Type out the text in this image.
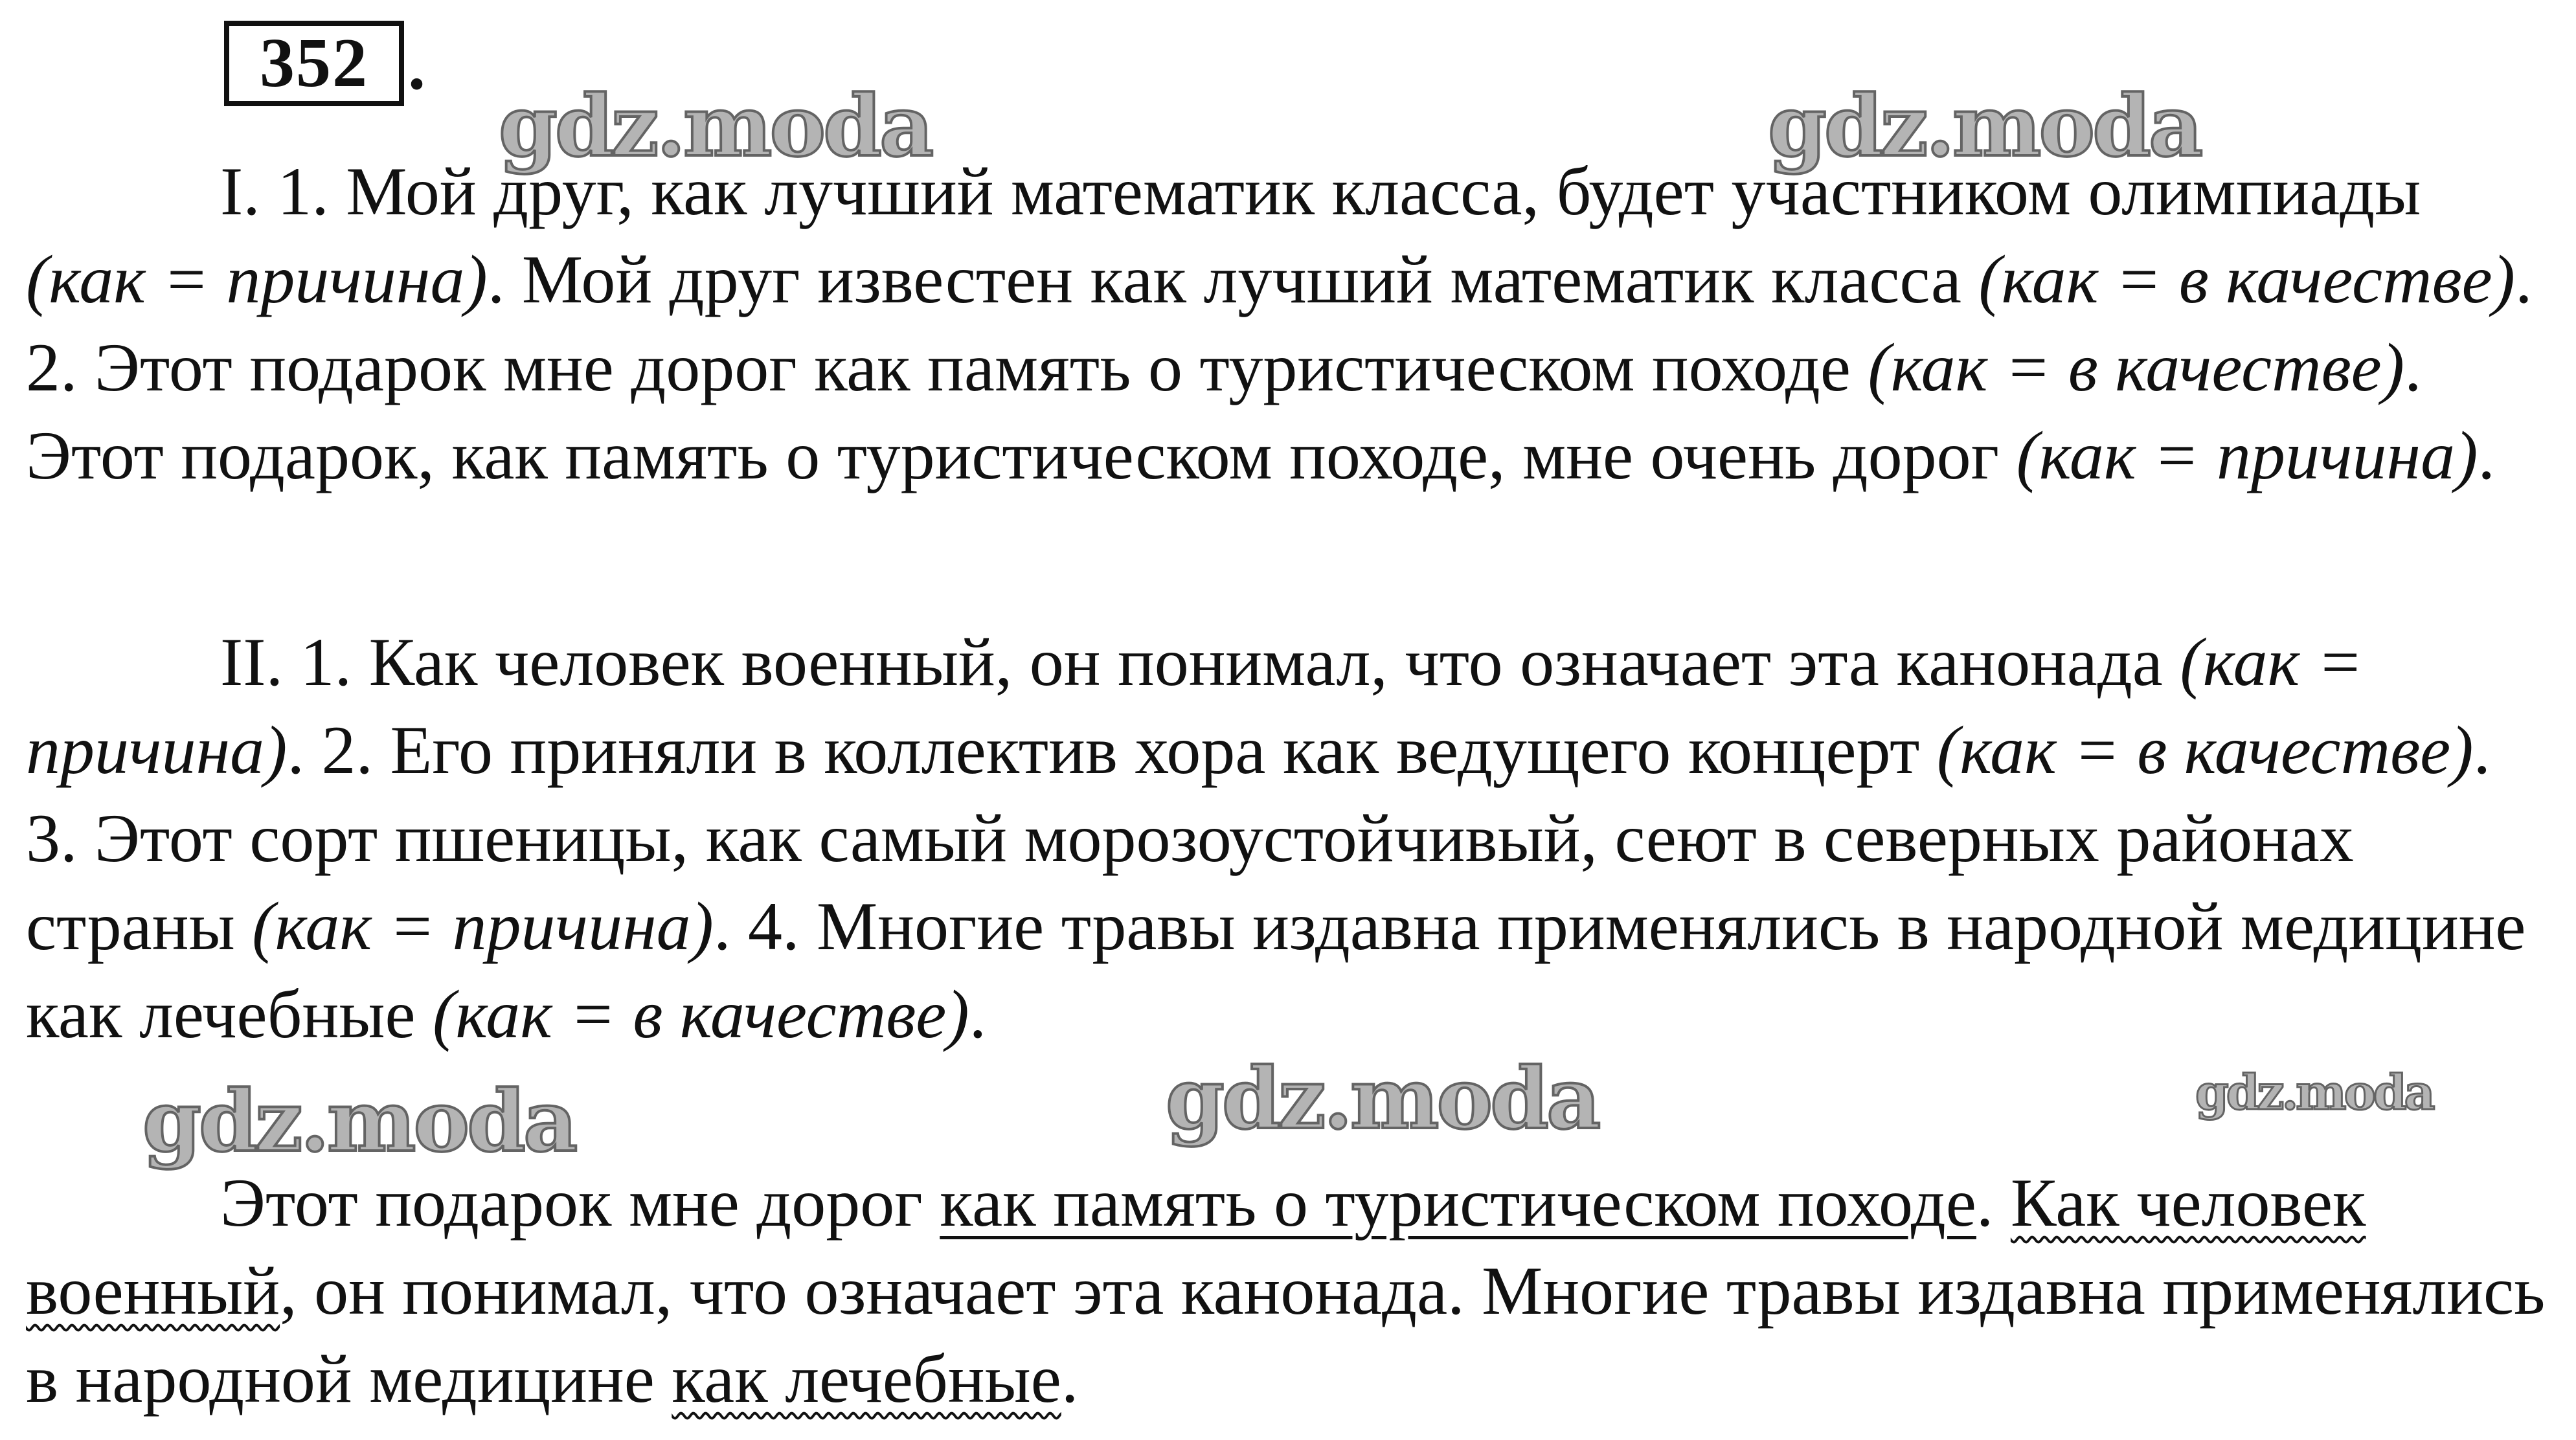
352 .
gdz.moda	gdz.moda
gdz.moda	gdz.moda	gdz.moda

I. 1. Мой друг, как лучший математик класса, будет участником олимпиады (как = причина). Мой друг известен как лучший математик класса (как = в качестве). 2. Этот подарок мне дорог как память о туристическом походе (как = в качестве). Этот подарок, как память о туристическом походе, мне очень дорог (как = причина).

II. 1. Как человек военный, он понимал, что означает эта канонада (как = причина). 2. Его приняли в коллектив хора как ведущего концерт (как = в качестве). 3. Этот сорт пшеницы, как самый морозоустойчивый, сеют в северных районах страны (как = причина). 4. Многие травы издавна применялись в народной медицине как лечебные (как = в качестве).

Этот подарок мне дорог как память о туристическом походе. Как человек военный, он понимал, что означает эта канонада. Многие травы издавна применялись в народной медицине как лечебные.
